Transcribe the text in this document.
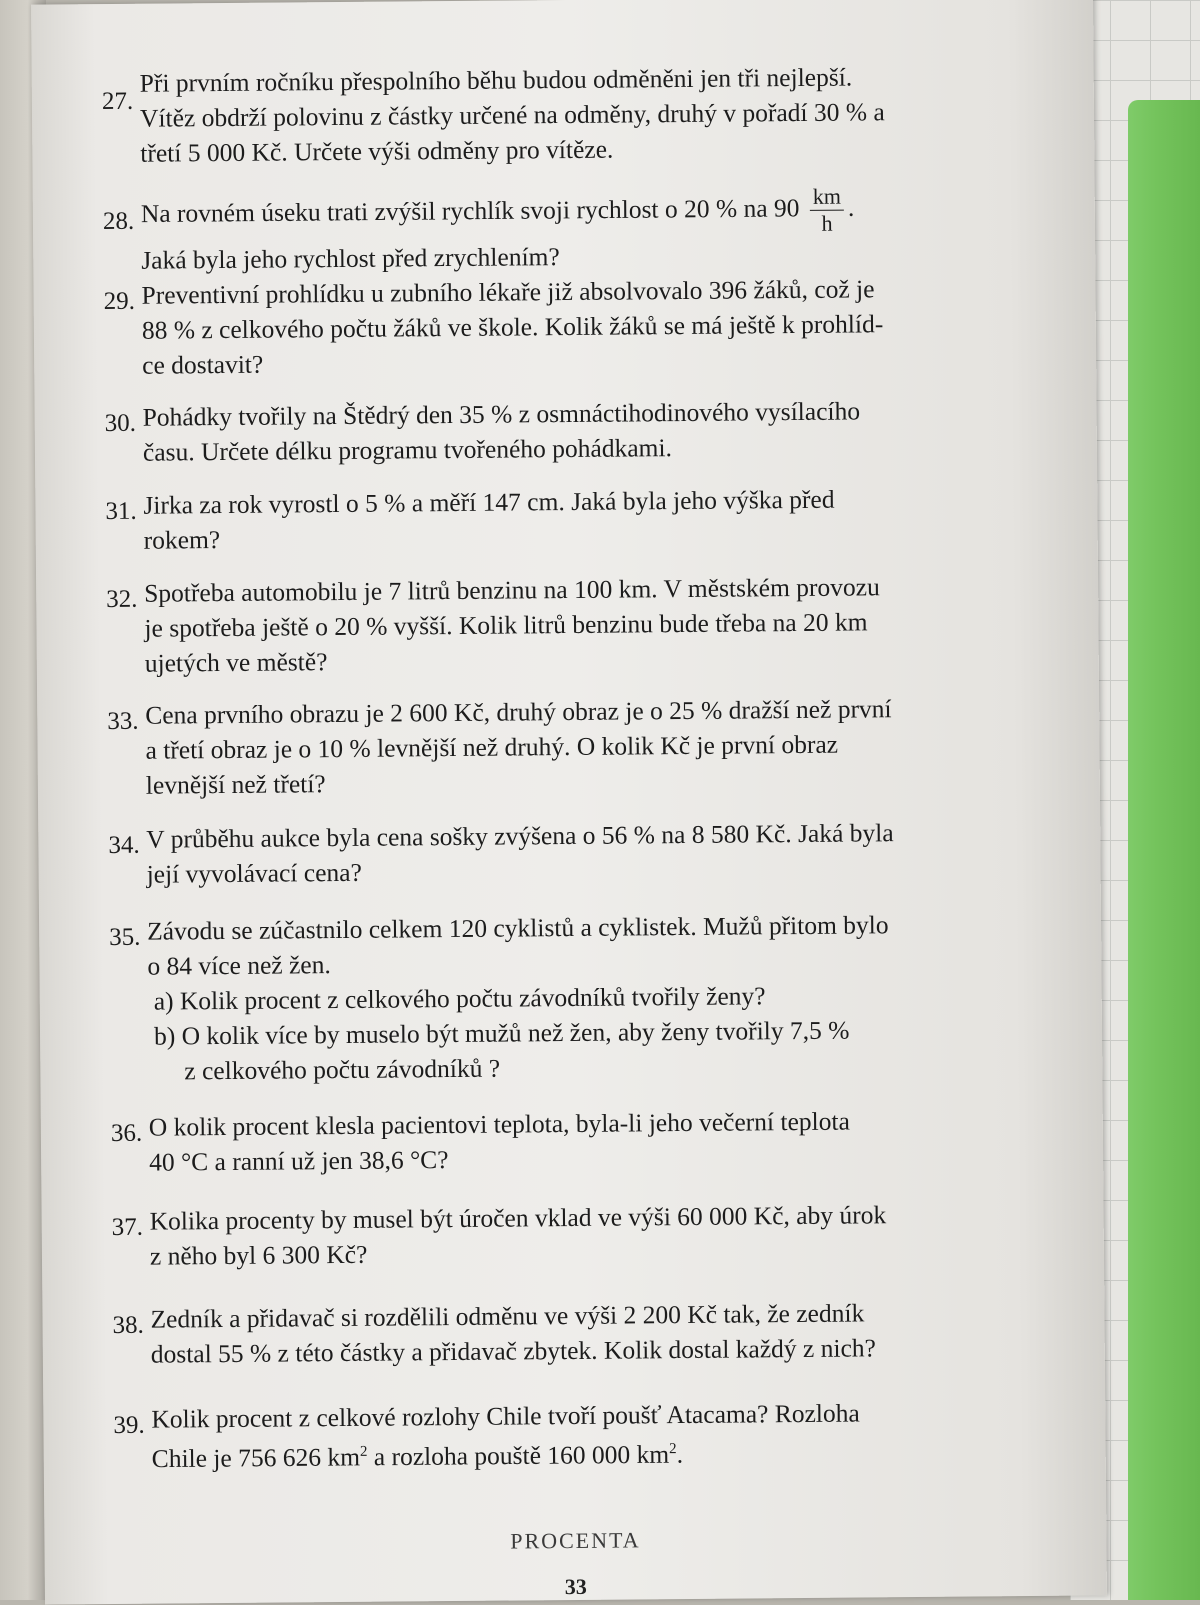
27.
Při prvním ročníku přespolního běhu budou odměněni jen tři nejlepší.
Vítěz obdrží polovinu z částky určené na odměny, druhý v pořadí 30 % a
třetí 5 000 Kč. Určete výši odměny pro vítěze.
28. Na rovném úseku trati zvýšil rychlík svoji rychlost o 20 % na $90 \frac{km}{h}$ .
Jaká byla jeho rychlost před zrychlením?
29. Preventivní prohlídku u zubního lékaře již absolvovalo 396 žáků, což je
88 % z celkového počtu žáků ve škole. Kolik žáků se má ještě k prohlíd-
ce dostavit?
30. Pohádky tvořily na Štědrý den 35 % z osmnáctihodinového vysílacího
času. Určete délku programu tvořeného pohádkami.
31. Jirka za rok vyrostl o 5 % a měří 147 cm. Jaká byla jeho výška před
rokem?
32. Spotřeba automobilu je 7 litrů benzinu na 100 km. V městském provozu
je spotřeba ještě o 20 % vyšší. Kolik litrů benzinu bude třeba na 20 km
ujetých ve městě?
33. Cena prvního obrazu je 2 600 Kč, druhý obraz je o 25 % dražší než první
a třetí obraz je o 10 % levnější než druhý. O kolik Kč je první obraz
levnější než třetí?
34. V průběhu aukce byla cena sošky zvýšena o 56 % na 8 580 Kč. Jaká byla
její vyvolávací cena?
35. Závodu se zúčastnilo celkem 120 cyklistů a cyklistek. Mužů přitom bylo
o 84 více než žen.
a) Kolik procent z celkového počtu závodníků tvořily ženy?
b) O kolik více by muselo být mužů než žen, aby ženy tvořily 7,5 %
z celkového počtu závodníků ?
36. O kolik procent klesla pacientovi teplota, byla-li jeho večerní teplota
40 °C a ranní už jen 38,6 °C?
37. Kolika procenty by musel být úročen vklad ve výši 60 000 Kč, aby úrok
z něho byl 6 300 Kč?
38. Zedník a přidavač si rozdělili odměnu ve výši 2 200 Kč tak, že zedník
dostal 55 % z této částky a přidavač zbytek. Kolik dostal každý z nich?
39. Kolik procent z celkové rozlohy Chile tvoří poušť Atacama? Rozloha
Chile je 756 626 $km^2$ a rozloha pouště 160 000 $km^2$.
PROCENTA
33
